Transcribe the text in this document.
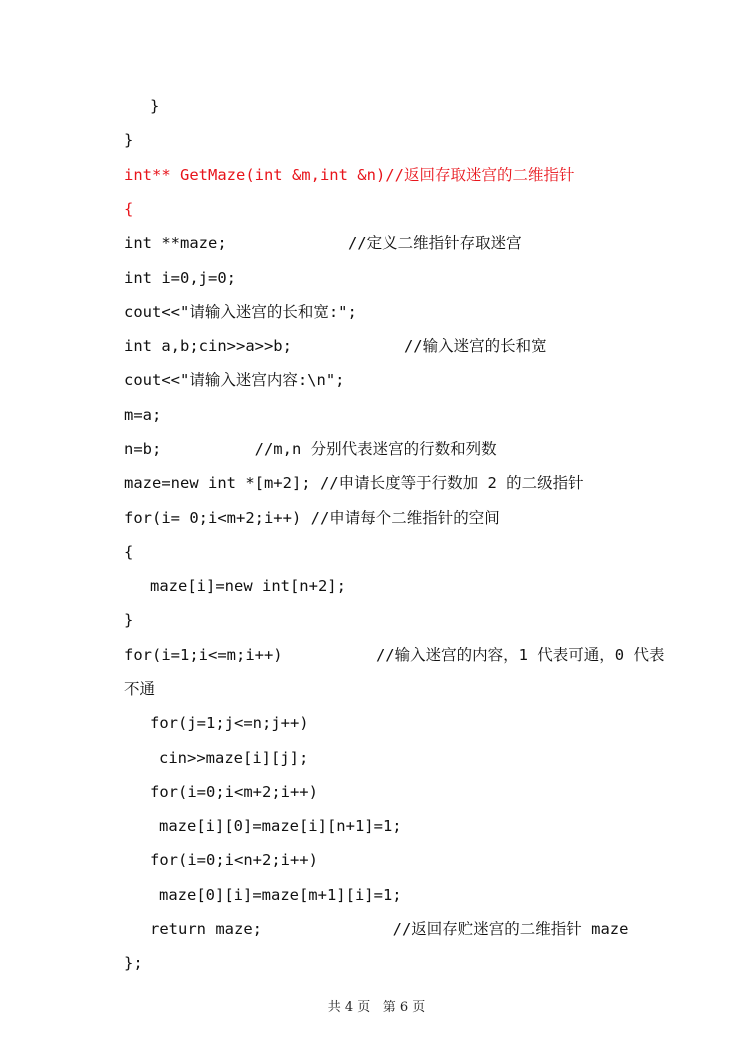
}
}
int** GetMaze(int &m,int &n)//返回存取迷宫的二维指针
{
int **maze;             //定义二维指针存取迷宫
int i=0,j=0;
cout<<"请输入迷宫的长和宽:";
int a,b;cin>>a>>b;            //输入迷宫的长和宽
cout<<"请输入迷宫内容:\n";
m=a;
n=b;          //m,n 分别代表迷宫的行数和列数
maze=new int *[m+2]; //申请长度等于行数加 2 的二级指针
for(i= 0;i<m+2;i++) //申请每个二维指针的空间
{
maze[i]=new int[n+2];
}
for(i=1;i<=m;i++)          //输入迷宫的内容，1 代表可通，0 代表
不通
for(j=1;j<=n;j++)
cin>>maze[i][j];
for(i=0;i<m+2;i++)
maze[i][0]=maze[i][n+1]=1;
for(i=0;i<n+2;i++)
maze[0][i]=maze[m+1][i]=1;
return maze;              //返回存贮迷宫的二维指针 maze
};
共 4 页   第 6 页
